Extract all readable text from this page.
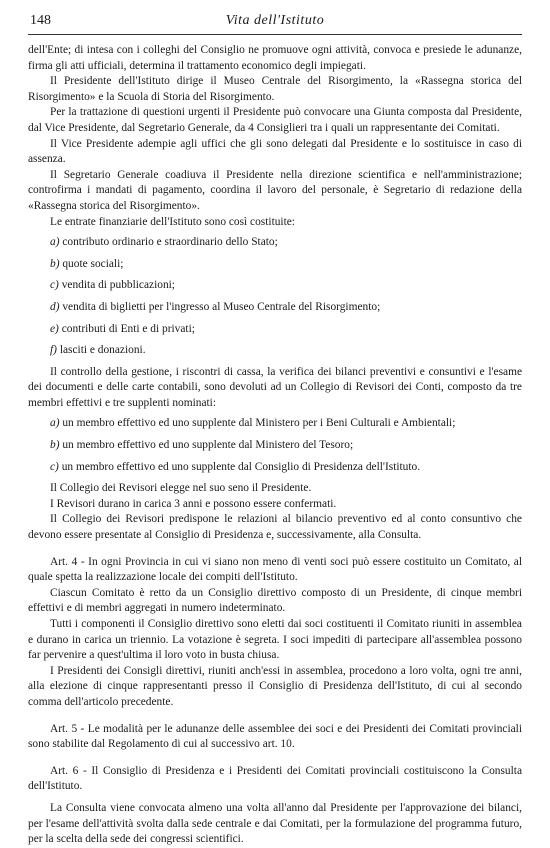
148	Vita dell'Istituto

dell'Ente; di intesa con i colleghi del Consiglio ne promuove ogni attività, convoca e presiede le adunanze, firma gli atti ufficiali, determina il trattamento economico degli impiegati.

Il Presidente dell'Istituto dirige il Museo Centrale del Risorgimento, la «Rassegna storica del Risorgimento» e la Scuola di Storia del Risorgimento.

Per la trattazione di questioni urgenti il Presidente può convocare una Giunta composta dal Presidente, dal Vice Presidente, dal Segretario Generale, da 4 Consiglieri tra i quali un rappresentante dei Comitati.

Il Vice Presidente adempie agli uffici che gli sono delegati dal Presidente e lo sostituisce in caso di assenza.

Il Segretario Generale coadiuva il Presidente nella direzione scientifica e nell'amministrazione; controfirma i mandati di pagamento, coordina il lavoro del personale, è Segretario di redazione della «Rassegna storica del Risorgimento».

Le entrate finanziarie dell'Istituto sono così costituite:

a) contributo ordinario e straordinario dello Stato;

b) quote sociali;

c) vendita di pubblicazioni;

d) vendita di biglietti per l'ingresso al Museo Centrale del Risorgimento;

e) contributi di Enti e di privati;

f) lasciti e donazioni.

Il controllo della gestione, i riscontri di cassa, la verifica dei bilanci preventivi e consuntivi e l'esame dei documenti e delle carte contabili, sono devoluti ad un Collegio di Revisori dei Conti, composto da tre membri effettivi e tre supplenti nominati:

a) un membro effettivo ed uno supplente dal Ministero per i Beni Culturali e Ambientali;

b) un membro effettivo ed uno supplente dal Ministero del Tesoro;

c) un membro effettivo ed uno supplente dal Consiglio di Presidenza dell'Istituto.

Il Collegio dei Revisori elegge nel suo seno il Presidente.

I Revisori durano in carica 3 anni e possono essere confermati.

Il Collegio dei Revisori predispone le relazioni al bilancio preventivo ed al conto consuntivo che devono essere presentate al Consiglio di Presidenza e, successivamente, alla Consulta.

Art. 4 - In ogni Provincia in cui vi siano non meno di venti soci può essere costituito un Comitato, al quale spetta la realizzazione locale dei compiti dell'Istituto.

Ciascun Comitato è retto da un Consiglio direttivo composto di un Presidente, di cinque membri effettivi e di membri aggregati in numero indeterminato.

Tutti i componenti il Consiglio direttivo sono eletti dai soci costituenti il Comitato riuniti in assemblea e durano in carica un triennio. La votazione è segreta. I soci impediti di partecipare all'assemblea possono far pervenire a quest'ultima il loro voto in busta chiusa.

I Presidenti dei Consigli direttivi, riuniti anch'essi in assemblea, procedono a loro volta, ogni tre anni, alla elezione di cinque rappresentanti presso il Consiglio di Presidenza dell'Istituto, di cui al secondo comma dell'articolo precedente.

Art. 5 - Le modalità per le adunanze delle assemblee dei soci e dei Presidenti dei Comitati provinciali sono stabilite dal Regolamento di cui al successivo art. 10.

Art. 6 - Il Consiglio di Presidenza e i Presidenti dei Comitati provinciali costituiscono la Consulta dell'Istituto.

La Consulta viene convocata almeno una volta all'anno dal Presidente per l'approvazione dei bilanci, per l'esame dell'attività svolta dalla sede centrale e dai Comitati, per la formulazione del programma futuro, per la scelta della sede dei congressi scientifici.
